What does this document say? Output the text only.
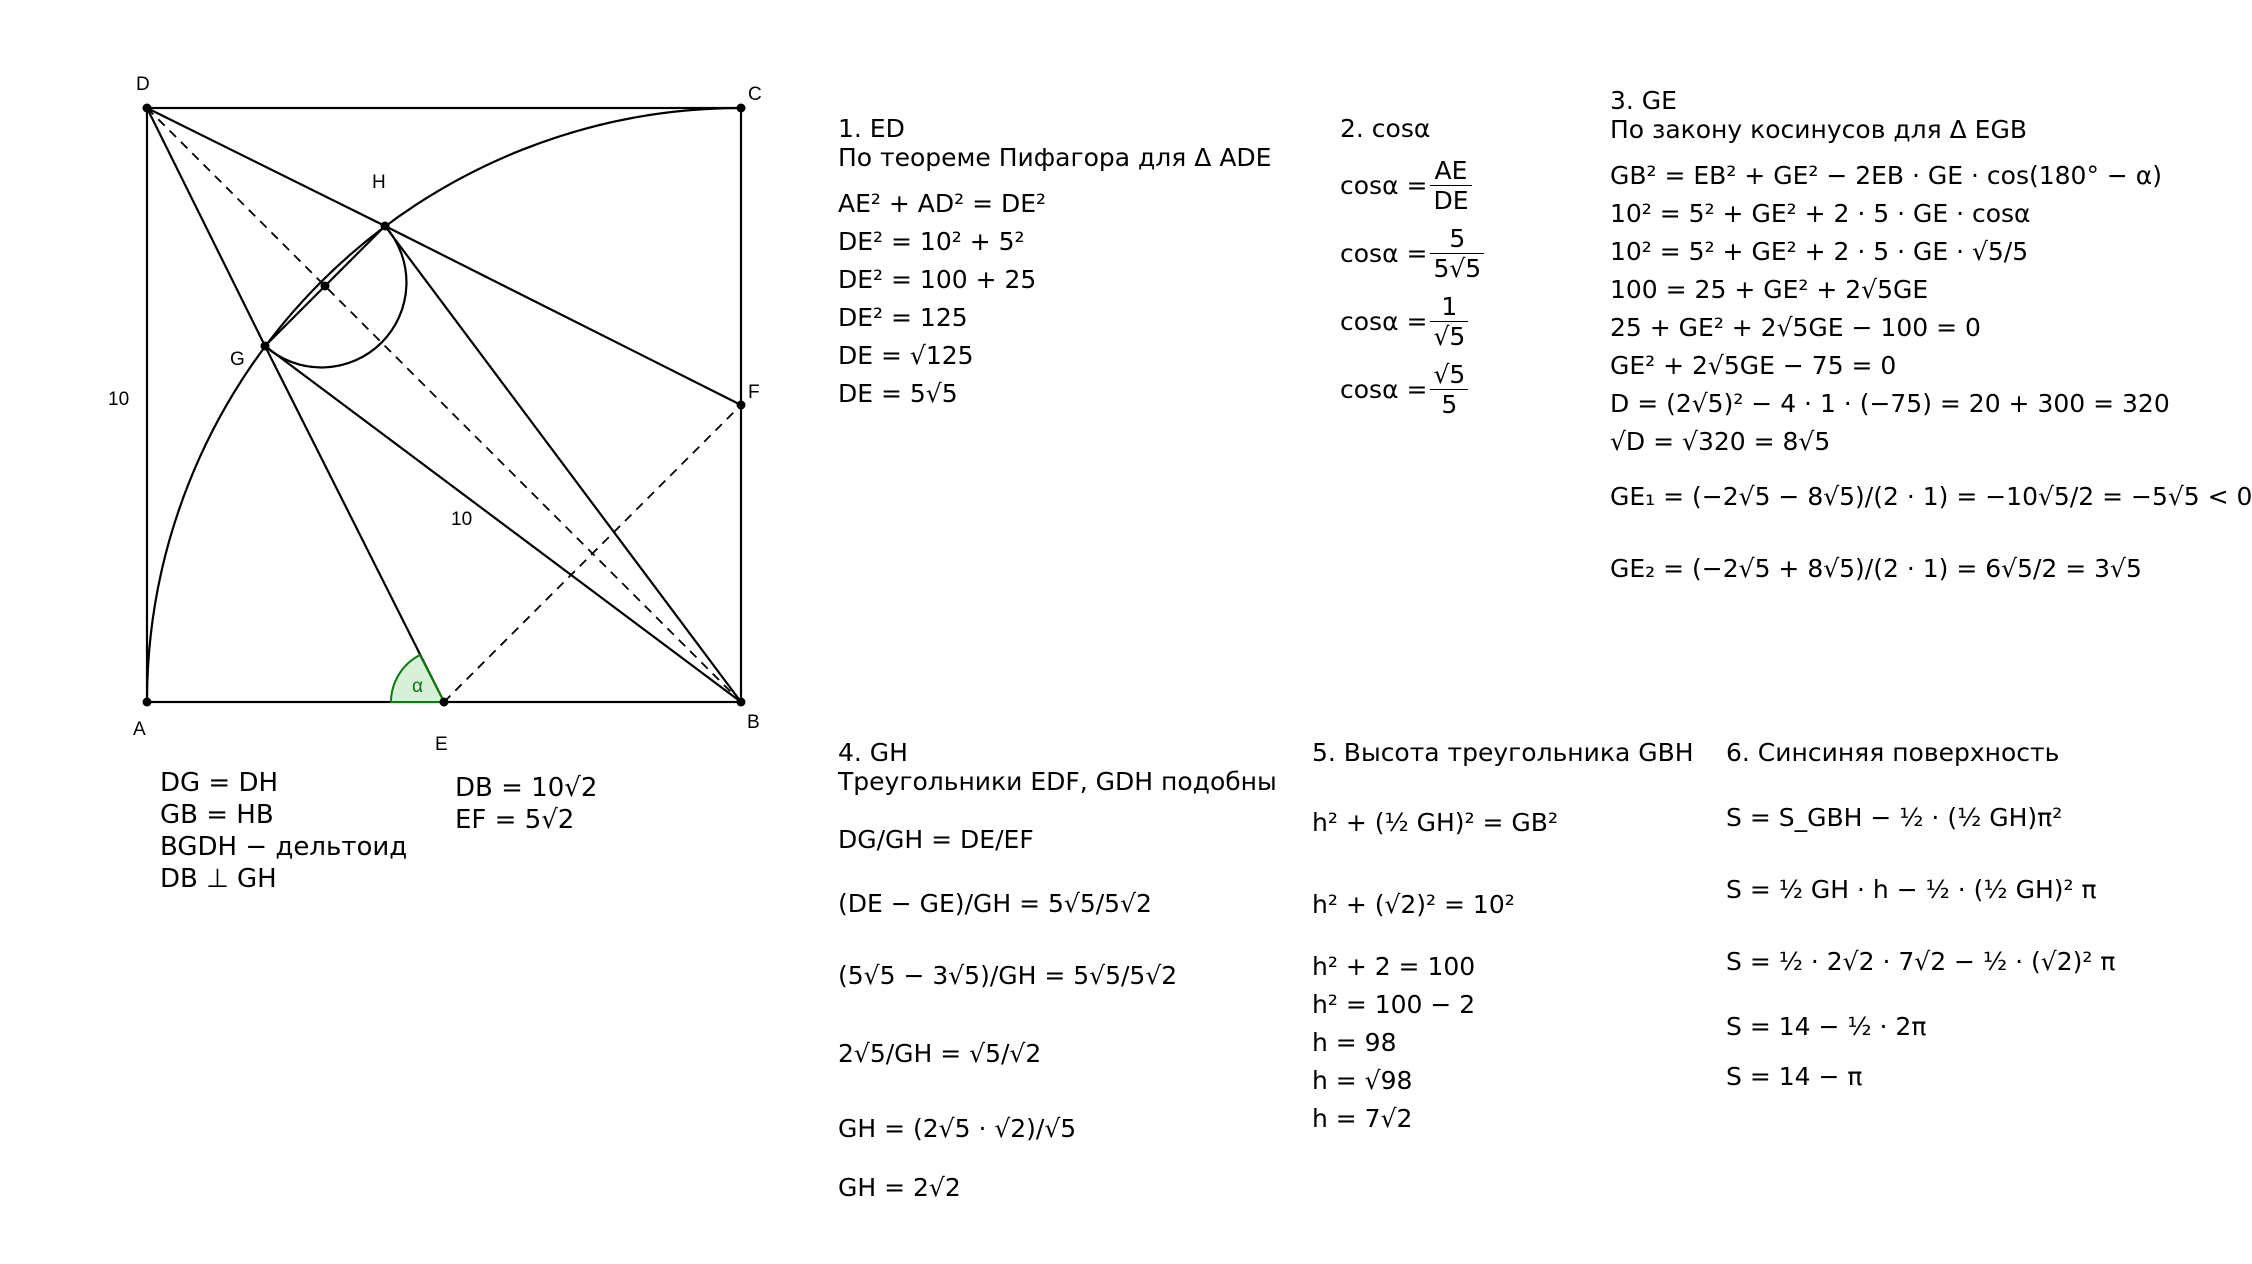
D	C
H
G
F
A
E
B
10
10
α
DG = DH
GB = HB
BGDH − дельтоид
DB ⊥ GH
DB = 10√2
EF = 5√2
1. ED
По теореме Пифагора для Δ ADE
AE² + AD² = DE²
DE² = 10² + 5²
DE² = 100 + 25
DE² = 125
DE = √125
DE = 5√5
2. cosα
$\cos\alpha = \frac{AE}{DE}$
$\cos\alpha = \frac{5}{5√5}$
$\cos\alpha = \frac{1}{√5}$
$\cos\alpha = \frac{√5}{5}$
3. GE
По закону косинусов для Δ EGB
GB² = EB² + GE² − 2EB · GE · cos(180° − α)
10² = 5² + GE² + 2 · 5 · GE · cosα
10² = 5² + GE² + 2 · 5 · GE · √5/5
100 = 25 + GE² + 2√5GE
25 + GE² + 2√5GE − 100 = 0
GE² + 2√5GE − 75 = 0
D = (2√5)² − 4 · 1 · (−75) = 20 + 300 = 320
√D = √320 = 8√5
GE₁ = (−2√5 − 8√5)/(2 · 1) = −10√5/2 = −5√5 < 0
GE₂ = (−2√5 + 8√5)/(2 · 1) = 6√5/2 = 3√5
4. GH
Треугольники EDF, GDH подобны
DG/GH = DE/EF
(DE − GE)/GH = 5√5/5√2
(5√5 − 3√5)/GH = 5√5/5√2
2√5/GH = √5/√2
GH = (2√5 · √2)/√5
GH = 2√2
5. Высота треугольника GBH
h² + (½ GH)² = GB²
h² + (√2)² = 10²
h² + 2 = 100
h² = 100 − 2
h = 98
h = √98
h = 7√2
6. Синсиняя поверхность
S = S_GBH − ½ · (½ GH)π²
S = ½ GH · h − ½ · (½ GH)² π
S = ½ · 2√2 · 7√2 − ½ · (√2)² π
S = 14 − ½ · 2π
S = 14 − π
